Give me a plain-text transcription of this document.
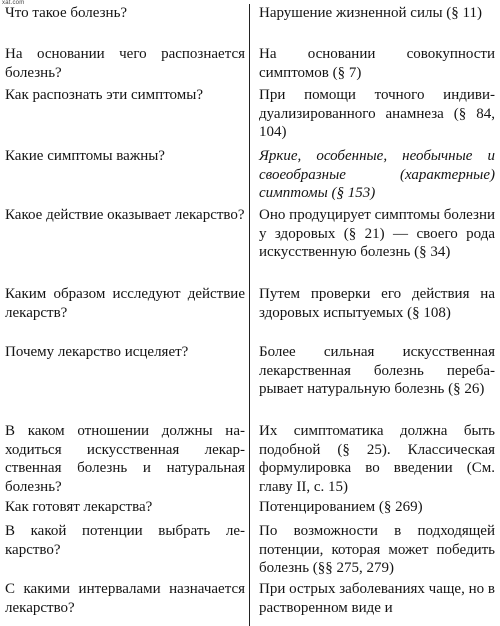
xat.com
Что такое болезнь?	Нарушение жизненной силы (§ 11)
На основании чего распознается болезнь?
На основании совокупности симптомов (§ 7)
Как распознать эти симптомы?	При помощи точного индивидуализированного анамнеза (§ 84, 104)
Какие симптомы важны?	Яркие, особенные, необычные и своеобразные (характерные) симптомы (§ 153)
Какое действие оказывает лекарство? Оно продуцирует симптомы болезни у здоровых (§ 21) — своего рода искусственную болезнь (§ 34)
Каким образом исследуют действие лекарств?
Путем проверки его действия на здоровых испытуемых (§ 108)
Почему лекарство исцеляет?	Более сильная искусственная лекарственная болезнь перебарывает натуральную болезнь (§ 26)
В каком отношении должны находиться искусственная лекарственная болезнь и натуральная болезнь?
Их симптоматика должна быть подобной (§ 25). Классическая формулировка во введении (См. главу II, с. 15)
Как готовят лекарства?	Потенцированием (§ 269)
В какой потенции выбрать лекарство?
По возможности в подходящей потенции, которая может победить болезнь (§§ 275, 279)
С какими интервалами назначается лекарство?
При острых заболеваниях чаще, но в растворенном виде и
